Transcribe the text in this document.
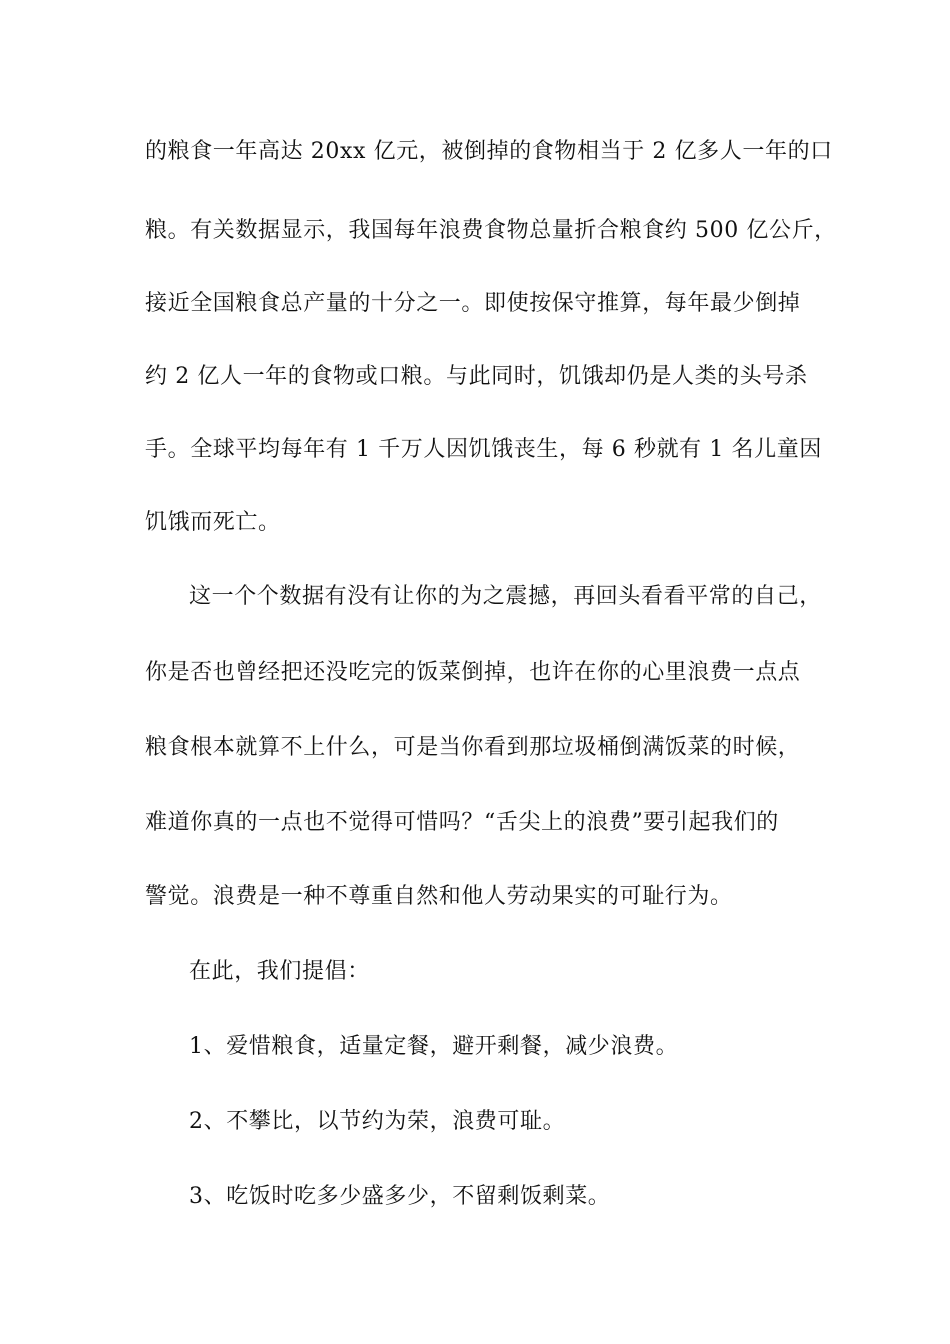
的粮食一年高达 20xx 亿元，被倒掉的食物相当于 2 亿多人一年的口
粮。有关数据显示，我国每年浪费食物总量折合粮食约 500 亿公斤，
接近全国粮食总产量的十分之一。即使按保守推算，每年最少倒掉
约 2 亿人一年的食物或口粮。与此同时，饥饿却仍是人类的头号杀
手。全球平均每年有 1 千万人因饥饿丧生，每 6 秒就有 1 名儿童因
饥饿而死亡。
这一个个数据有没有让你的为之震撼，再回头看看平常的自己，
你是否也曾经把还没吃完的饭菜倒掉，也许在你的心里浪费一点点
粮食根本就算不上什么，可是当你看到那垃圾桶倒满饭菜的时候，
难道你真的一点也不觉得可惜吗？“舌尖上的浪费”要引起我们的
警觉。浪费是一种不尊重自然和他人劳动果实的可耻行为。
在此，我们提倡：
1、爱惜粮食，适量定餐，避开剩餐，减少浪费。
2、不攀比，以节约为荣，浪费可耻。
3、吃饭时吃多少盛多少，不留剩饭剩菜。
